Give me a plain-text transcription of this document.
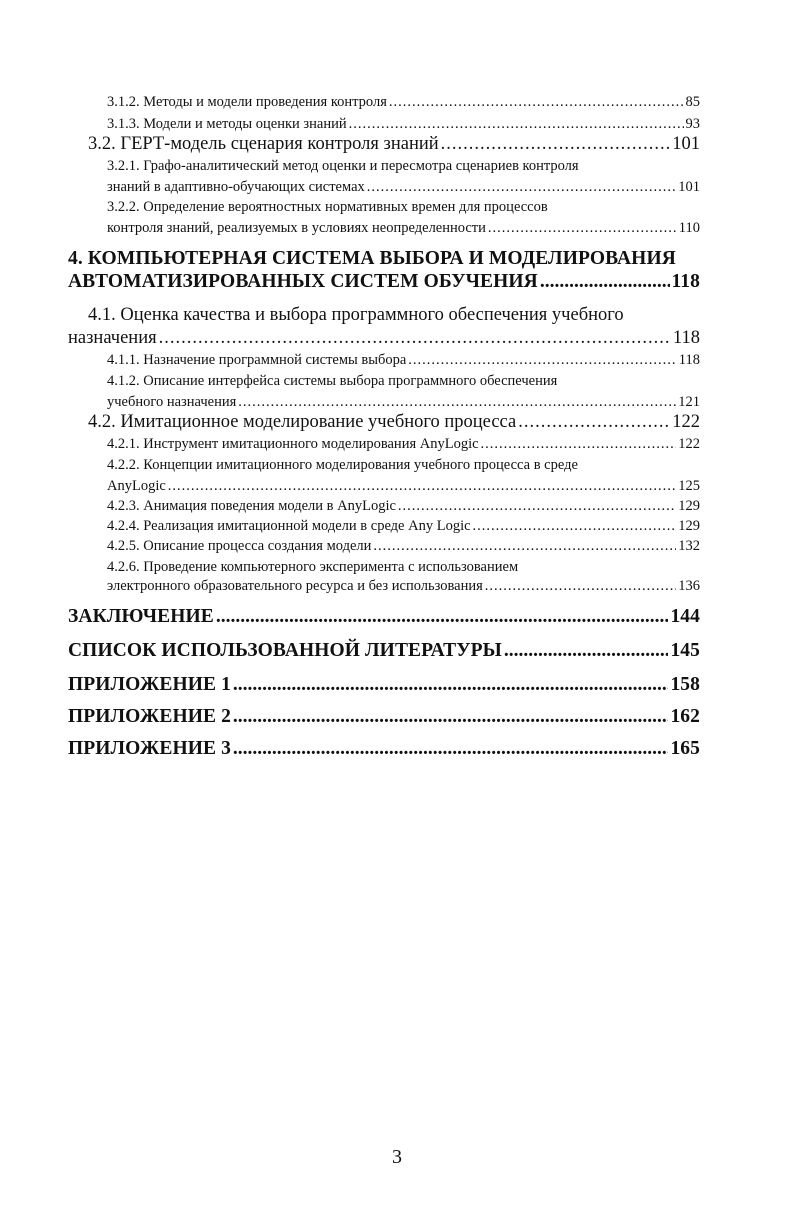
3.1.2. Методы и модели проведения контроля .....	85
3.1.3. Модели и методы оценки знаний .....	93
3.2. ГЕРТ-модель сценария контроля знаний .....	101
3.2.1. Графо-аналитический метод оценки и пересмотра сценариев контроля
знаний в адаптивно-обучающих системах .....	101
3.2.2. Определение вероятностных нормативных времен для процессов
контроля знаний, реализуемых в условиях неопределенности .....	110
4. КОМПЬЮТЕРНАЯ СИСТЕМА ВЫБОРА И МОДЕЛИРОВАНИЯ
АВТОМАТИЗИРОВАННЫХ СИСТЕМ ОБУЧЕНИЯ .....	118
4.1. Оценка качества и выбора программного обеспечения учебного
назначения .....	118
4.1.1. Назначение программной системы выбора .....	118
4.1.2. Описание интерфейса системы выбора программного обеспечения
учебного назначения .....	121
4.2. Имитационное моделирование учебного процесса .....	122
4.2.1. Инструмент имитационного моделирования AnyLogic .....	122
4.2.2. Концепции имитационного моделирования учебного процесса в среде
AnyLogic .....	125
4.2.3. Анимация поведения модели в AnyLogic .....	129
4.2.4. Реализация имитационной модели в среде Any Logic .....	129
4.2.5. Описание процесса создания модели .....	132
4.2.6. Проведение компьютерного эксперимента с использованием
электронного образовательного ресурса и без использования .....	136
ЗАКЛЮЧЕНИЕ .....	144
СПИСОК ИСПОЛЬЗОВАННОЙ ЛИТЕРАТУРЫ .....	145
ПРИЛОЖЕНИЕ 1 .....	158
ПРИЛОЖЕНИЕ 2 .....	162
ПРИЛОЖЕНИЕ 3 .....	165
3
